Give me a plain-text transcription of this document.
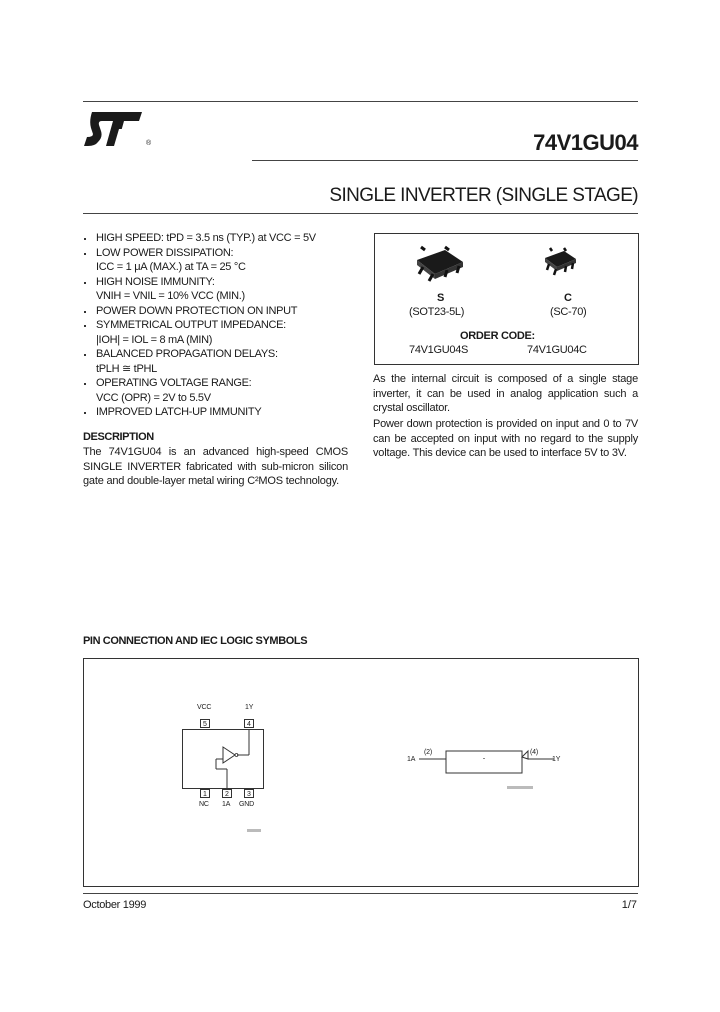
®	74V1GU04
SINGLE INVERTER (SINGLE STAGE)
HIGH SPEED: tPD = 3.5 ns (TYP.) at VCC = 5V
LOW POWER DISSIPATION:
ICC = 1 μA (MAX.) at TA = 25 °C
HIGH NOISE IMMUNITY:
VNIH = VNIL = 10% VCC (MIN.)
POWER DOWN PROTECTION ON INPUT
SYMMETRICAL OUTPUT IMPEDANCE:
|IOH| = IOL = 8 mA (MIN)
BALANCED PROPAGATION DELAYS:
tPLH ≅ tPHL
OPERATING VOLTAGE RANGE:
VCC (OPR) = 2V to 5.5V
IMPROVED LATCH-UP IMMUNITY
DESCRIPTION
The 74V1GU04 is an advanced high-speed CMOS SINGLE INVERTER fabricated with sub-micron silicon gate and double-layer metal wiring C²MOS technology.
S
(SOT23-5L)
C
(SC-70)
ORDER CODE:
74V1GU04S	74V1GU04C
As the internal circuit is composed of a single stage inverter, it can be used in analog application such a crystal oscillator.
Power down protection is provided on input and 0 to 7V can be accepted on input with no regard to the supply voltage. This device can be used to interface 5V to 3V.
PIN CONNECTION AND IEC LOGIC SYMBOLS
VCC
5
1Y
4
1
NC
2
1A
3
GND
1A
(2)	(4)
1Y
October 1999	1/7
